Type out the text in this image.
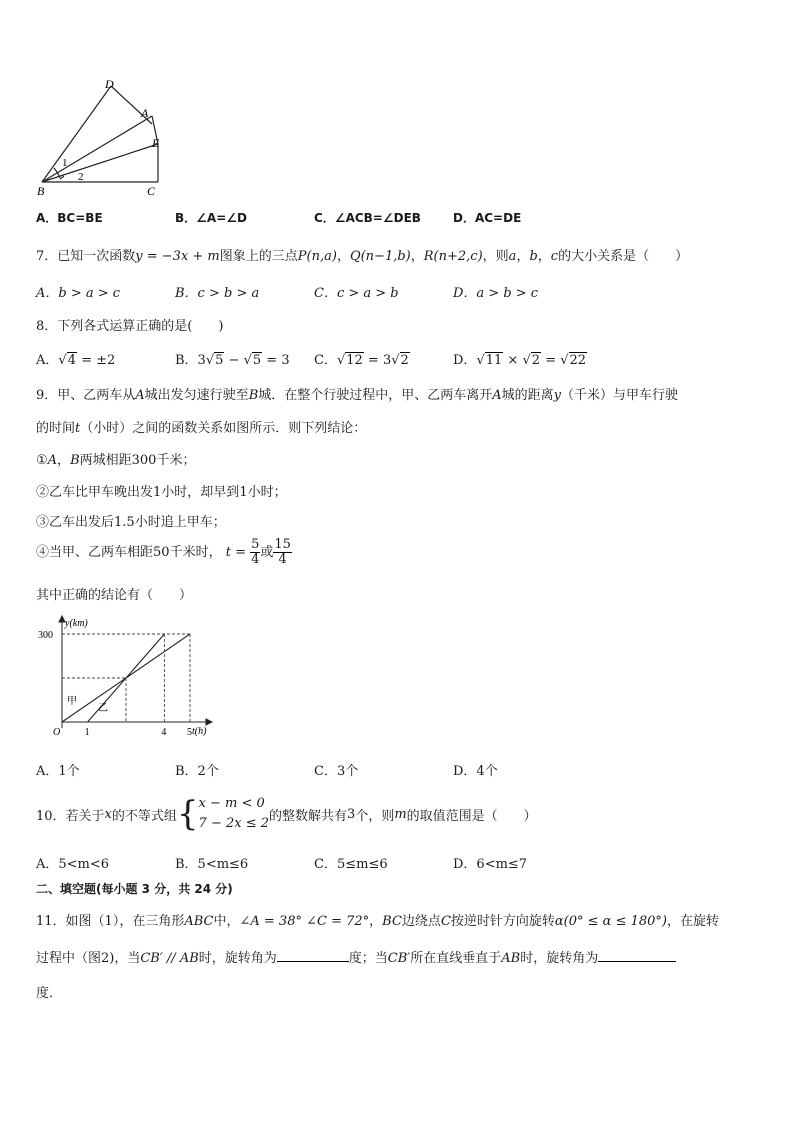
D
A
E
B	C
1
2
A．BC=BE	B．∠A=∠D	C．∠ACB=∠DEB	D．AC=DE
7．已知一次函数y = −3x + m图象上的三点P(n,a)，Q(n−1,b)，R(n+2,c)，则a，b，c的大小关系是（　　）
A．b > a > c	B．c > b > a	C．c > a > b	D．a > b > c
8．下列各式运算正确的是(　　)
A．√4 = ±2	B．3√5 − √5 = 3 C．√12 = 3√2	D．√11 × √2 = √22
9．甲、乙两车从A城出发匀速行驶至B城．在整个行驶过程中，甲、乙两车离开A城的距离y（千米）与甲车行驶
的时间t（小时）之间的函数关系如图所示．则下列结论：
①A，B两城相距300千米；
②乙车比甲车晚出发1小时，却早到1小时；
③乙车出发后1.5小时追上甲车；
④当甲、乙两车相距50千米时， $t = \frac{5}{4}$ 或 $\frac{15}{4}$
其中正确的结论有（　　）
300
1	4 5
y(km)
t(h)
O
甲
乙
A．1个	B．2个	C．3个	D．4个
10．若关于 x 的不等式组 { x − m < 0
7 − 2x ≤ 2 的整数解共有 3 个，则 m 的取值范围是（　　）
A．5<m<6	B．5<m≤6	C．5≤m≤6	D．6<m≤7
二、填空题(每小题 3 分，共 24 分)
11．如图（1），在三角形ABC中，∠A = 38° ∠C = 72°，BC边绕点C按逆时针方向旋转α(0° ≤ α ≤ 180°)，在旋转
过程中（图2)，当CB′ // AB时，旋转角为	度；当CB′所在直线垂直于AB时，旋转角为
度．
